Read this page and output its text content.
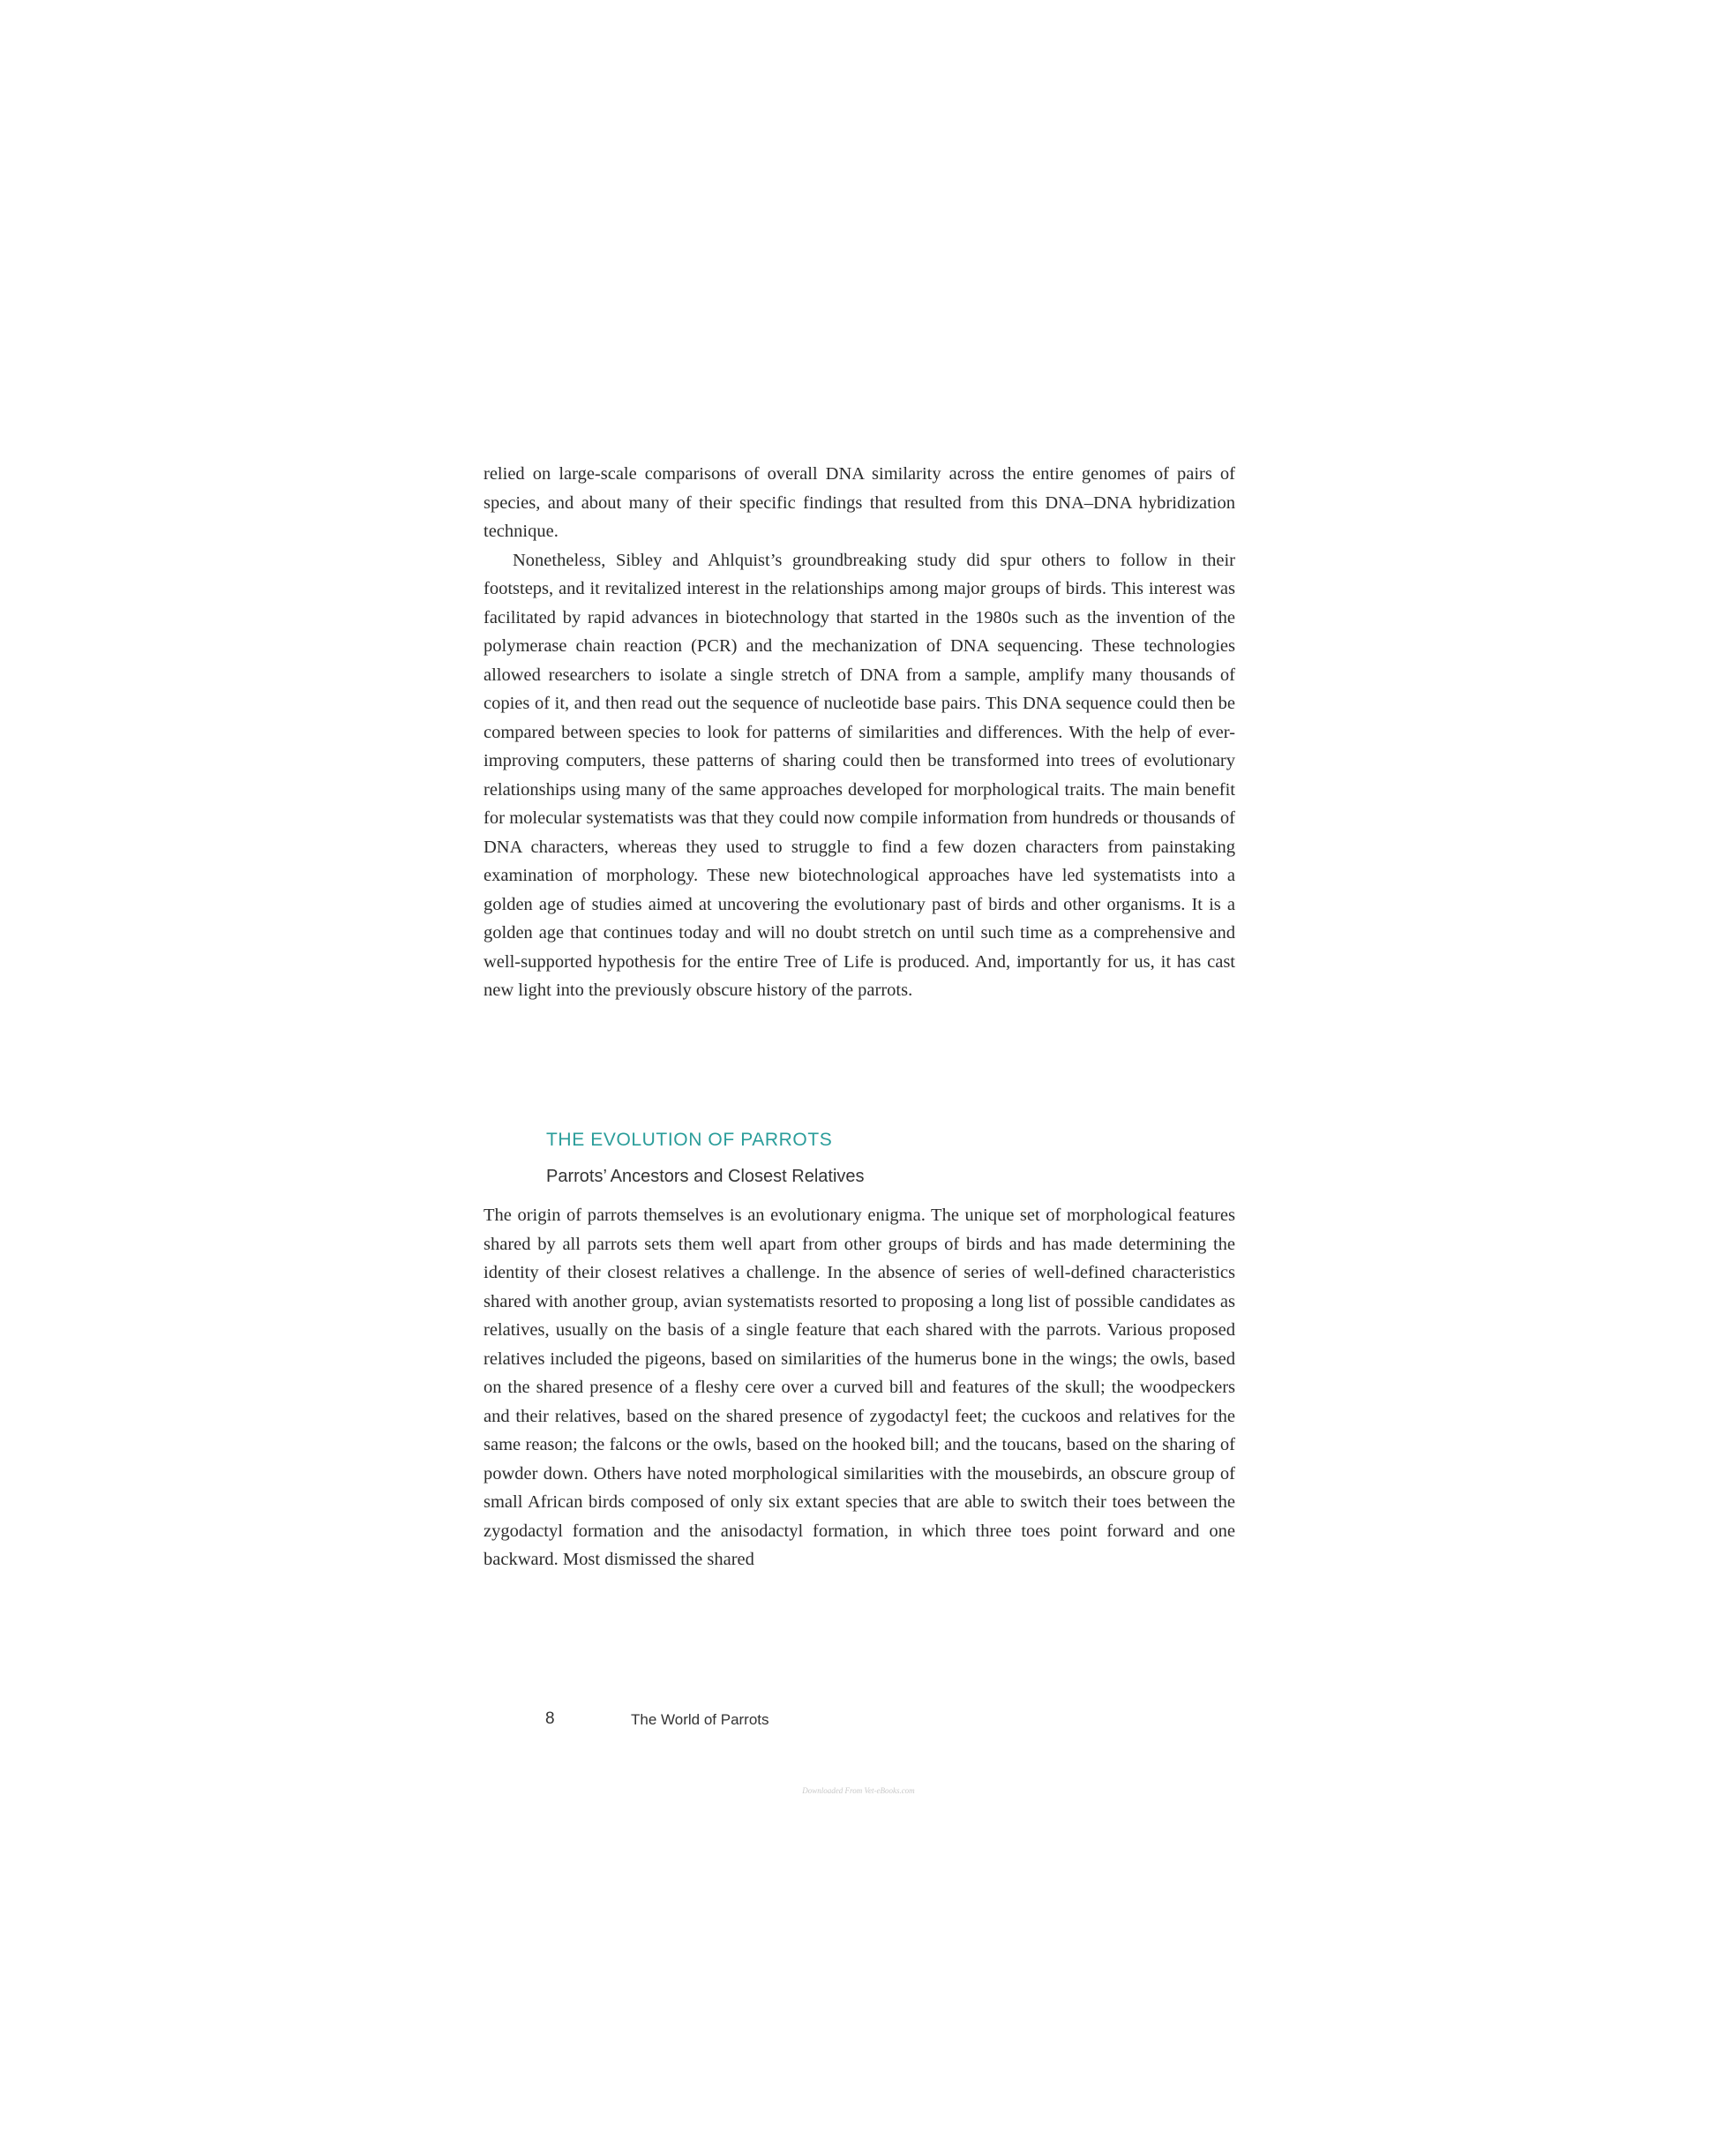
relied on large-scale comparisons of overall DNA similarity across the entire genomes of pairs of species, and about many of their specific findings that resulted from this DNA–DNA hybridization technique.

Nonetheless, Sibley and Ahlquist’s groundbreaking study did spur others to follow in their footsteps, and it revitalized interest in the relationships among major groups of birds. This interest was facilitated by rapid advances in biotechnology that started in the 1980s such as the invention of the polymerase chain reaction (PCR) and the mechanization of DNA sequencing. These technologies allowed researchers to isolate a single stretch of DNA from a sample, amplify many thousands of copies of it, and then read out the sequence of nucleotide base pairs. This DNA sequence could then be compared between species to look for patterns of similarities and differences. With the help of ever-improving computers, these patterns of sharing could then be transformed into trees of evolutionary relationships using many of the same approaches developed for morphological traits. The main benefit for molecular systematists was that they could now compile information from hundreds or thousands of DNA characters, whereas they used to struggle to find a few dozen characters from painstaking examination of morphology. These new biotechnological approaches have led systematists into a golden age of studies aimed at uncovering the evolutionary past of birds and other organisms. It is a golden age that continues today and will no doubt stretch on until such time as a comprehensive and well-supported hypothesis for the entire Tree of Life is produced. And, importantly for us, it has cast new light into the previously obscure history of the parrots.

THE EVOLUTION OF PARROTS
Parrots’ Ancestors and Closest Relatives

The origin of parrots themselves is an evolutionary enigma. The unique set of morphological features shared by all parrots sets them well apart from other groups of birds and has made determining the identity of their closest relatives a challenge. In the absence of series of well-defined characteristics shared with another group, avian systematists resorted to proposing a long list of possible candidates as relatives, usually on the basis of a single feature that each shared with the parrots. Various proposed relatives included the pigeons, based on similarities of the humerus bone in the wings; the owls, based on the shared presence of a fleshy cere over a curved bill and features of the skull; the woodpeckers and their relatives, based on the shared presence of zygodactyl feet; the cuckoos and relatives for the same reason; the falcons or the owls, based on the hooked bill; and the toucans, based on the sharing of powder down. Others have noted morphological similarities with the mousebirds, an obscure group of small African birds composed of only six extant species that are able to switch their toes between the zygodactyl formation and the anisodactyl formation, in which three toes point forward and one backward. Most dismissed the shared

8	The World of Parrots
Downloaded From Vet-eBooks.com
